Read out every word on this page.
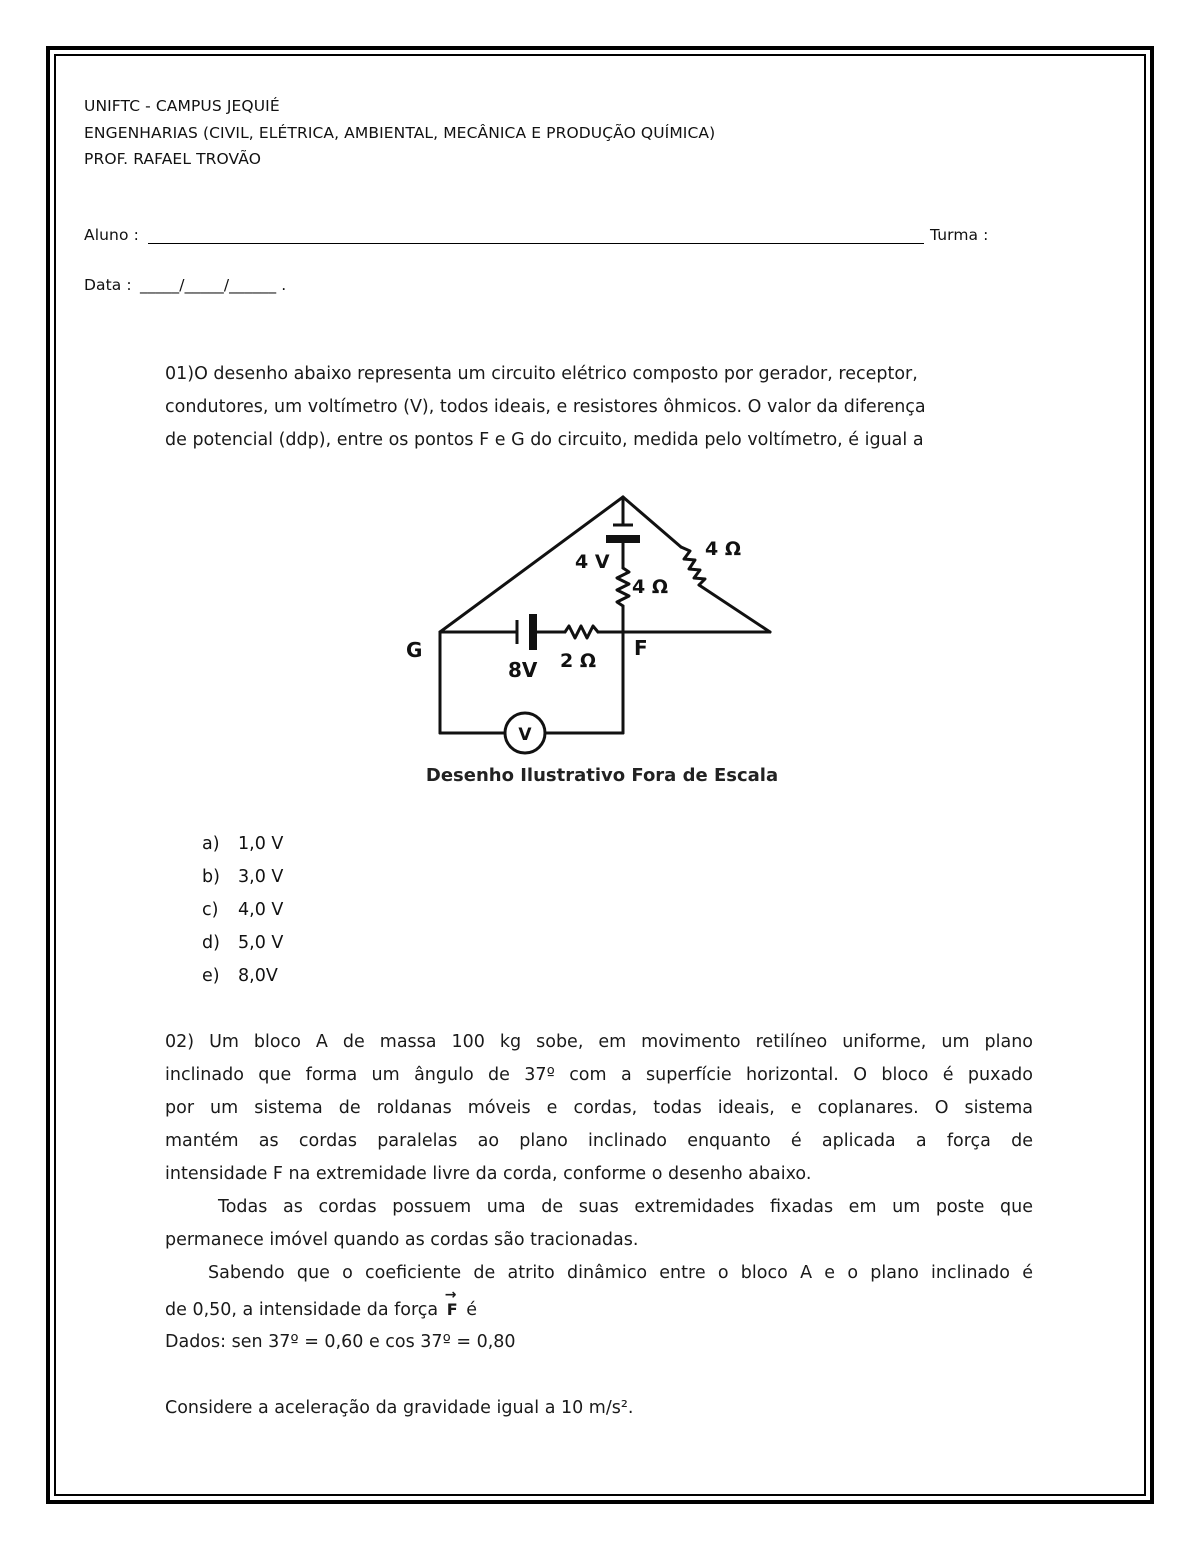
UNIFTC - CAMPUS JEQUIÉ
ENGENHARIAS (CIVIL, ELÉTRICA, AMBIENTAL, MECÂNICA E PRODUÇÃO QUÍMICA)
PROF. RAFAEL TROVÃO
Aluno :	Turma :
Data : _____/_____/______ .
01)O desenho abaixo representa um circuito elétrico composto por gerador, receptor,
condutores, um voltímetro (V), todos ideais, e resistores ôhmicos. O valor da diferença
de potencial (ddp), entre os pontos F e G do circuito, medida pelo voltímetro, é igual a
4 V
4 Ω
4 Ω
G	F
8V 2 Ω
V
Desenho Ilustrativo Fora de Escala
a) 1,0 V
b) 3,0 V
c) 4,0 V
d) 5,0 V
e) 8,0V
02) Um bloco A de massa 100 kg sobe, em movimento retilíneo uniforme, um plano
inclinado que forma um ângulo de 37º com a superfície horizontal. O bloco é puxado
por um sistema de roldanas móveis e cordas, todas ideais, e coplanares. O sistema
mantém as cordas paralelas ao plano inclinado enquanto é aplicada a força de
intensidade F na extremidade livre da corda, conforme o desenho abaixo.
Todas as cordas possuem uma de suas extremidades fixadas em um poste que
permanece imóvel quando as cordas são tracionadas.
Sabendo que o coeficiente de atrito dinâmico entre o bloco A e o plano inclinado é
de 0,50, a intensidade da força → F é
Dados: sen 37º = 0,60 e cos 37º = 0,80
Considere a aceleração da gravidade igual a 10 m/s².
